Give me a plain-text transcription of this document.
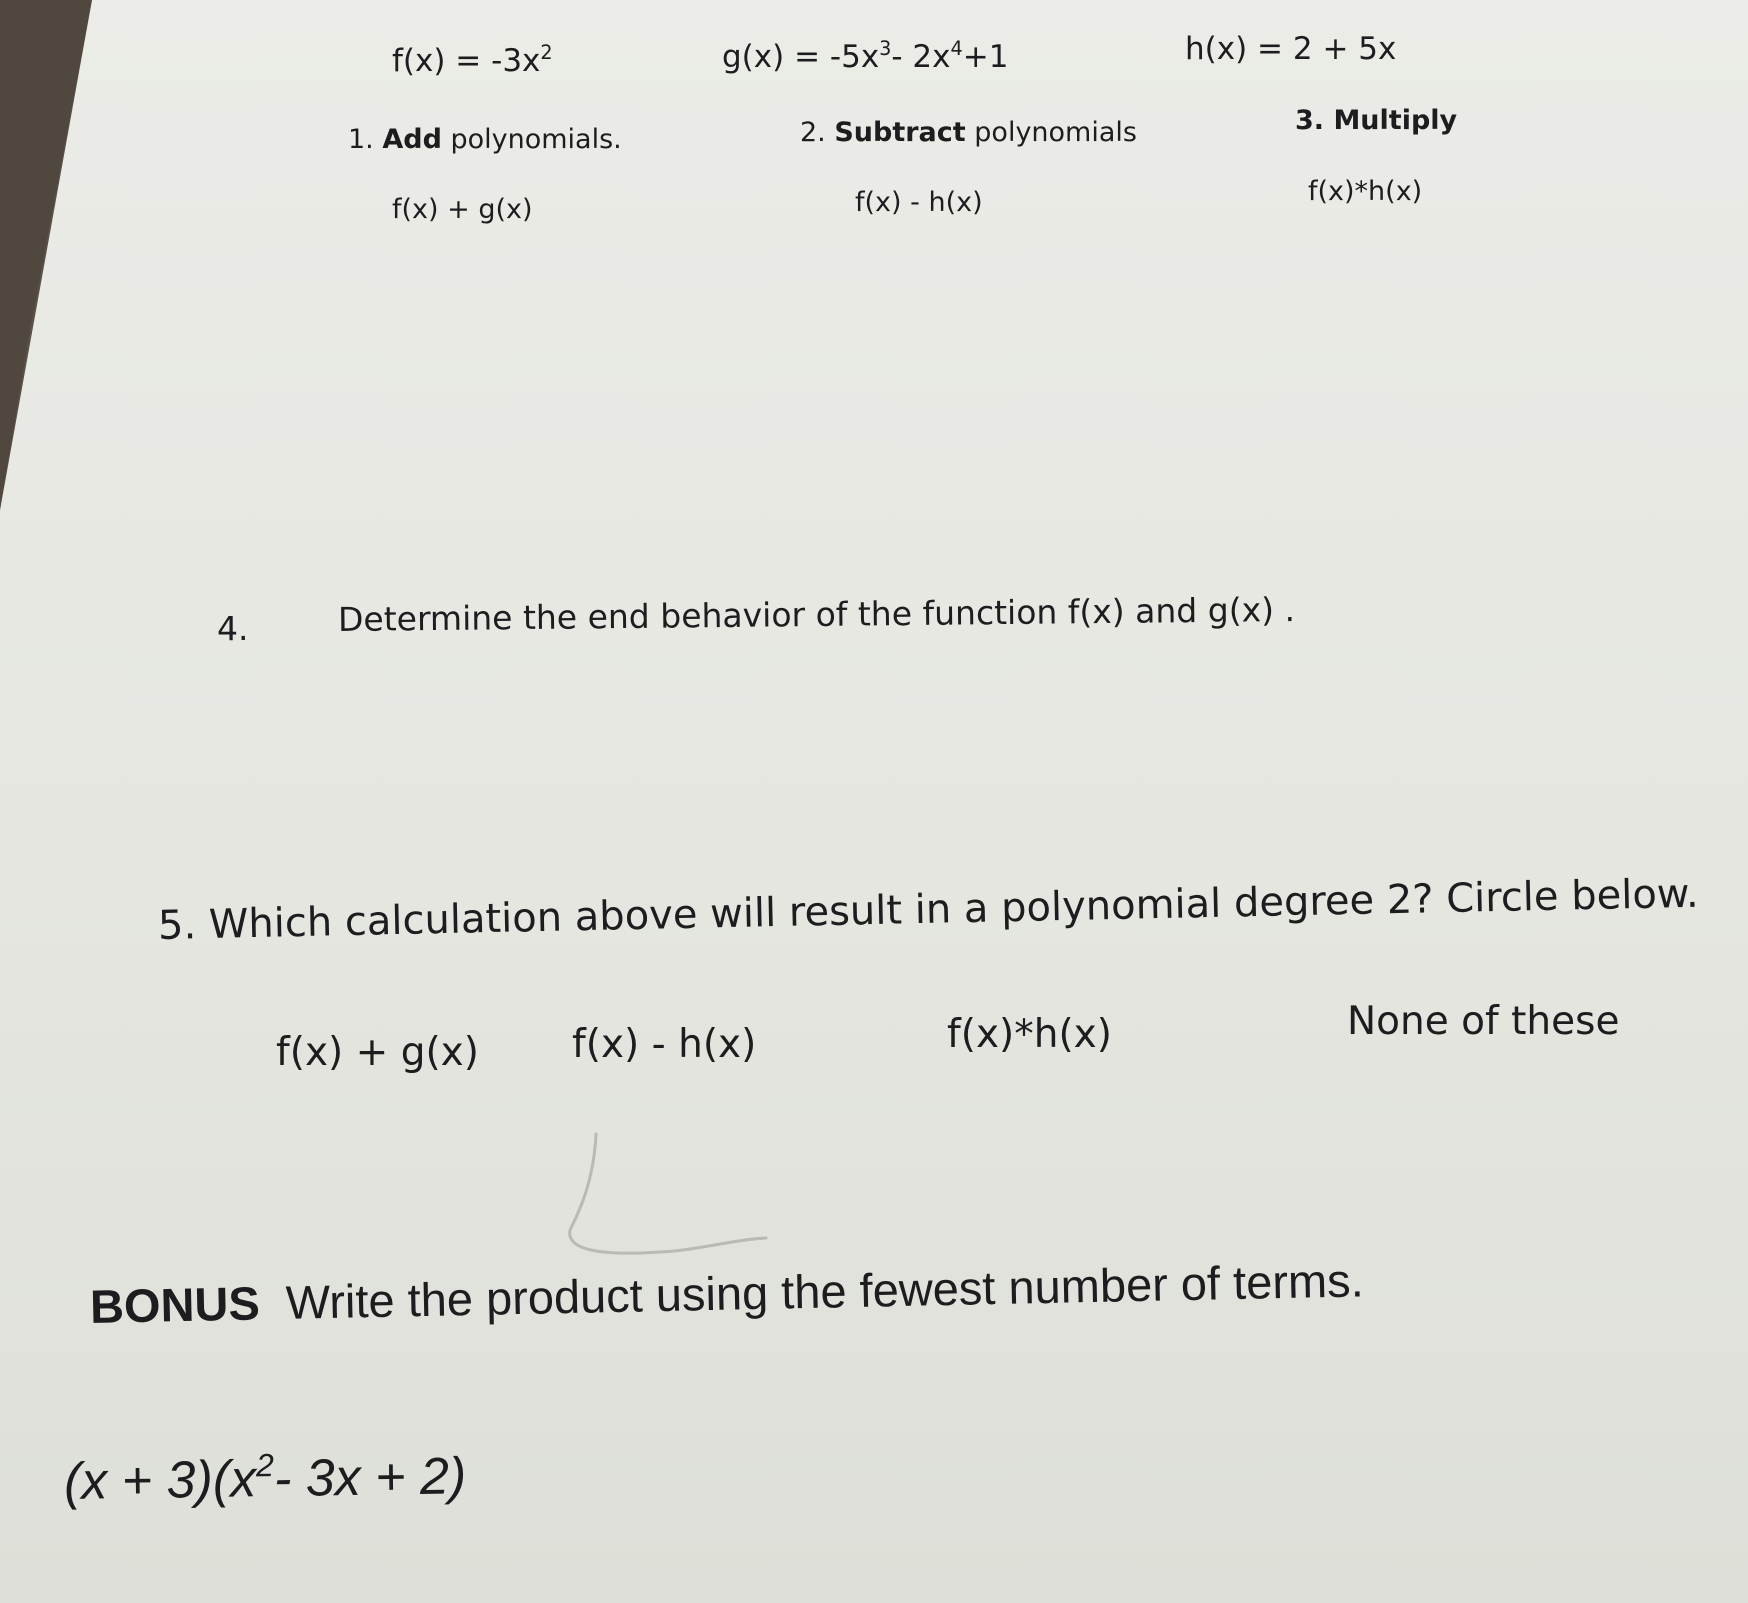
$f(x) = -3x^2$	$g(x) = -5x^3-$ $2x^4+1$	h(x) = 2 + 5x
1. Add polynomials.
f(x) + g(x)
2. Subtract polynomials
f(x) - h(x)
3. Multiply
f(x)*h(x)
4.	Determine the end behavior of the function f(x) and g(x) .
5. Which calculation above will result in a polynomial degree 2? Circle below.
f(x) + g(x) f(x) - h(x)	f(x)*h(x)	None of these
BONUS Write the product using the fewest number of terms.
$(x + 3)(x^2-$ 3x + 2)
